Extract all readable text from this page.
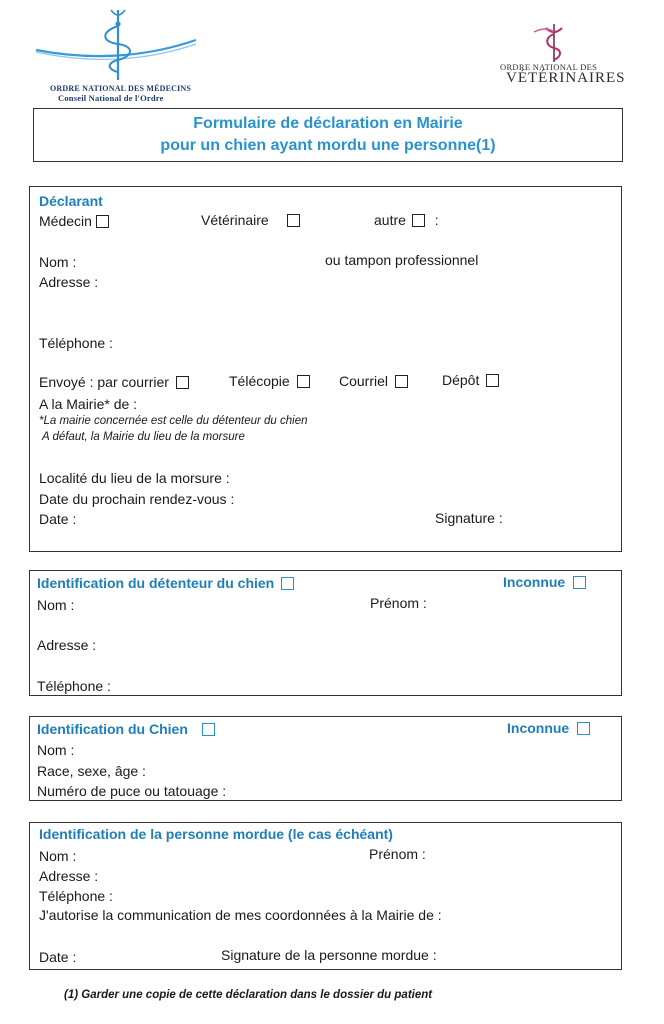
ORDRE NATIONAL DES MÉDECINS
Conseil National de l'Ordre
ORDRE NATIONAL DES
VÉTÉRINAIRES
Formulaire de déclaration en Mairie
pour un chien ayant mordu une personne(1)
Déclarant
Médecin	Vétérinaire	autre :
Nom :	ou tampon professionnel
Adresse :
Téléphone :
Envoyé : par courrier	Télécopie	Courriel	Dépôt
A la Mairie* de :
*La mairie concernée est celle du détenteur du chien
A défaut, la Mairie du lieu de la morsure
Localité du lieu de la morsure :
Date du prochain rendez-vous :
Date :	Signature :
Identification du détenteur du chien	Inconnue
Nom :	Prénom :
Adresse :
Téléphone :
Identification du Chien	Inconnue
Nom :
Race, sexe, âge :
Numéro de puce ou tatouage :
Identification de la personne mordue (le cas échéant)
Nom :	Prénom :
Adresse :
Téléphone :
J'autorise la communication de mes coordonnées à la Mairie de :
Date :	Signature de la personne mordue :
(1) Garder une copie de cette déclaration dans le dossier du patient
